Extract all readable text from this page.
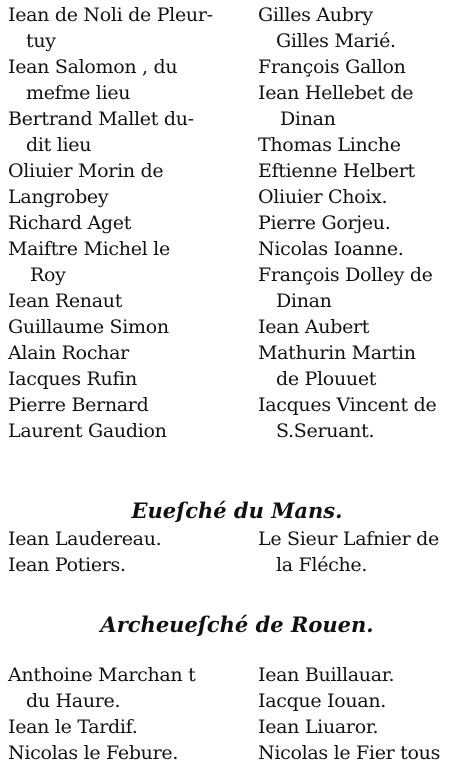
Iean de Noli de Pleur-
tuy
Iean Salomon , du
mefme lieu
Bertrand Mallet du-
dit lieu
Oliuier Morin de
Langrobey
Richard Aget
Maiftre Michel le
Roy
Iean Renaut
Guillaume Simon
Alain Rochar
Iacques Rufin
Pierre Bernard
Laurent Gaudion
Gilles Aubry
Gilles Marié.
François Gallon
Iean Hellebet de
Dinan
Thomas Linche
Eftienne Helbert
Oliuier Choix.
Pierre Gorjeu.
Nicolas Ioanne.
François Dolley de
Dinan
Iean Aubert
Mathurin Martin
de Plouuet
Iacques Vincent de
S.Seruant.
Eueſché du Mans.
Iean Laudereau.
Iean Potiers.
Le Sieur Lafnier de
la Fléche.
Archeueſché de Rouen.
Anthoine Marchan t
du Haure.
Iean le Tardif.
Nicolas le Febure.
Iean Buillauar.
Iacque Iouan.
Iean Liuaror.
Nicolas le Fier tous
